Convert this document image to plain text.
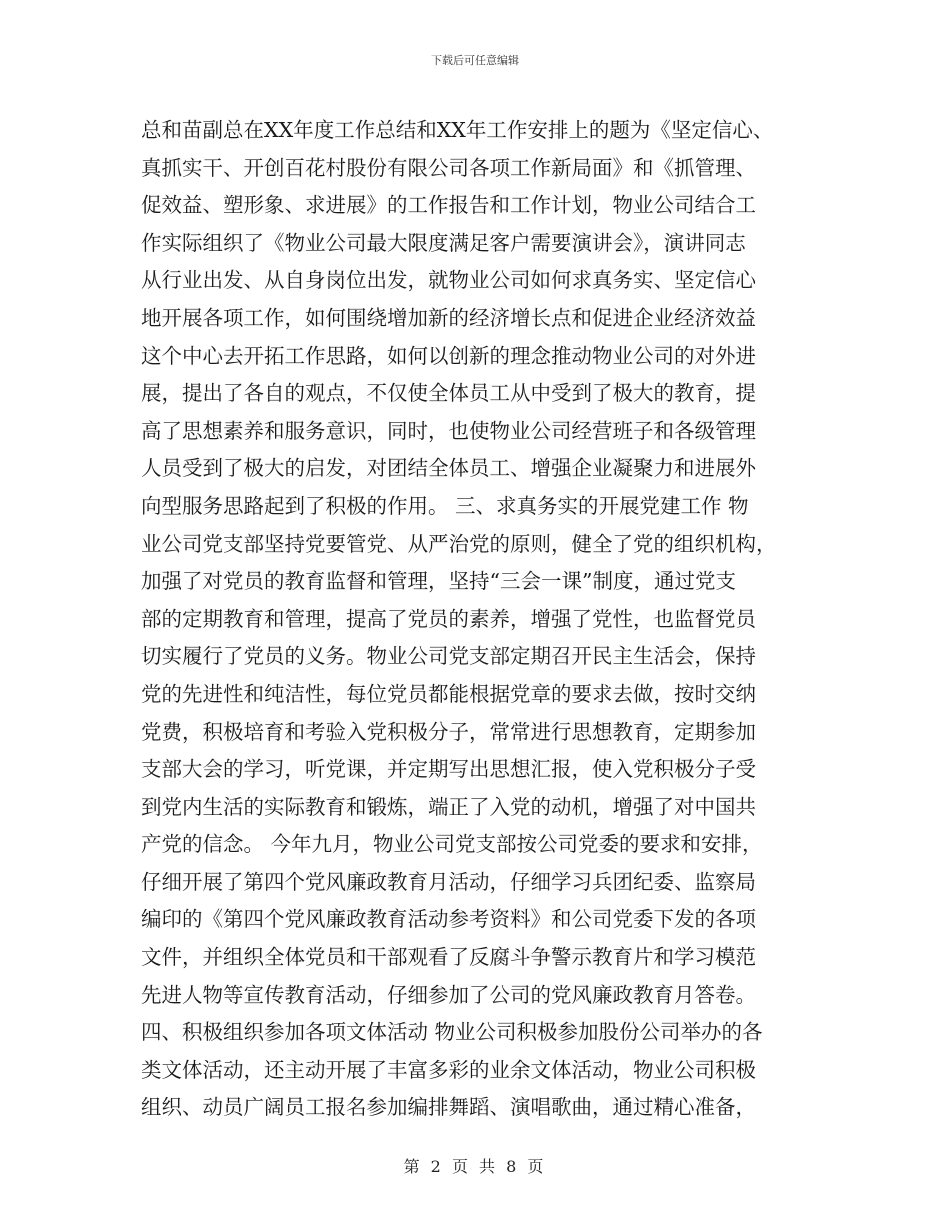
下载后可任意编辑
总和苗副总在XX年度工作总结和XX年工作安排上的题为《坚定信心、
真抓实干、开创百花村股份有限公司各项工作新局面》和《抓管理、
促效益、塑形象、求进展》的工作报告和工作计划，物业公司结合工
作实际组织了《物业公司最大限度满足客户需要演讲会》，演讲同志
从行业出发、从自身岗位出发，就物业公司如何求真务实、坚定信心
地开展各项工作，如何围绕增加新的经济增长点和促进企业经济效益
这个中心去开拓工作思路，如何以创新的理念推动物业公司的对外进
展，提出了各自的观点，不仅使全体员工从中受到了极大的教育，提
高了思想素养和服务意识，同时，也使物业公司经营班子和各级管理
人员受到了极大的启发，对团结全体员工、增强企业凝聚力和进展外
向型服务思路起到了积极的作用。 三、求真务实的开展党建工作 物
业公司党支部坚持党要管党、从严治党的原则，健全了党的组织机构，
加强了对党员的教育监督和管理，坚持“三会一课”制度，通过党支
部的定期教育和管理，提高了党员的素养，增强了党性，也监督党员
切实履行了党员的义务。物业公司党支部定期召开民主生活会，保持
党的先进性和纯洁性，每位党员都能根据党章的要求去做，按时交纳
党费，积极培育和考验入党积极分子，常常进行思想教育，定期参加
支部大会的学习，听党课，并定期写出思想汇报，使入党积极分子受
到党内生活的实际教育和锻炼，端正了入党的动机，增强了对中国共
产党的信念。 今年九月，物业公司党支部按公司党委的要求和安排，
仔细开展了第四个党风廉政教育月活动，仔细学习兵团纪委、监察局
编印的《第四个党风廉政教育活动参考资料》和公司党委下发的各项
文件，并组织全体党员和干部观看了反腐斗争警示教育片和学习模范
先进人物等宣传教育活动，仔细参加了公司的党风廉政教育月答卷。
四、积极组织参加各项文体活动 物业公司积极参加股份公司举办的各
类文体活动，还主动开展了丰富多彩的业余文体活动，物业公司积极
组织、动员广阔员工报名参加编排舞蹈、演唱歌曲，通过精心准备，
第 2 页 共 8 页
